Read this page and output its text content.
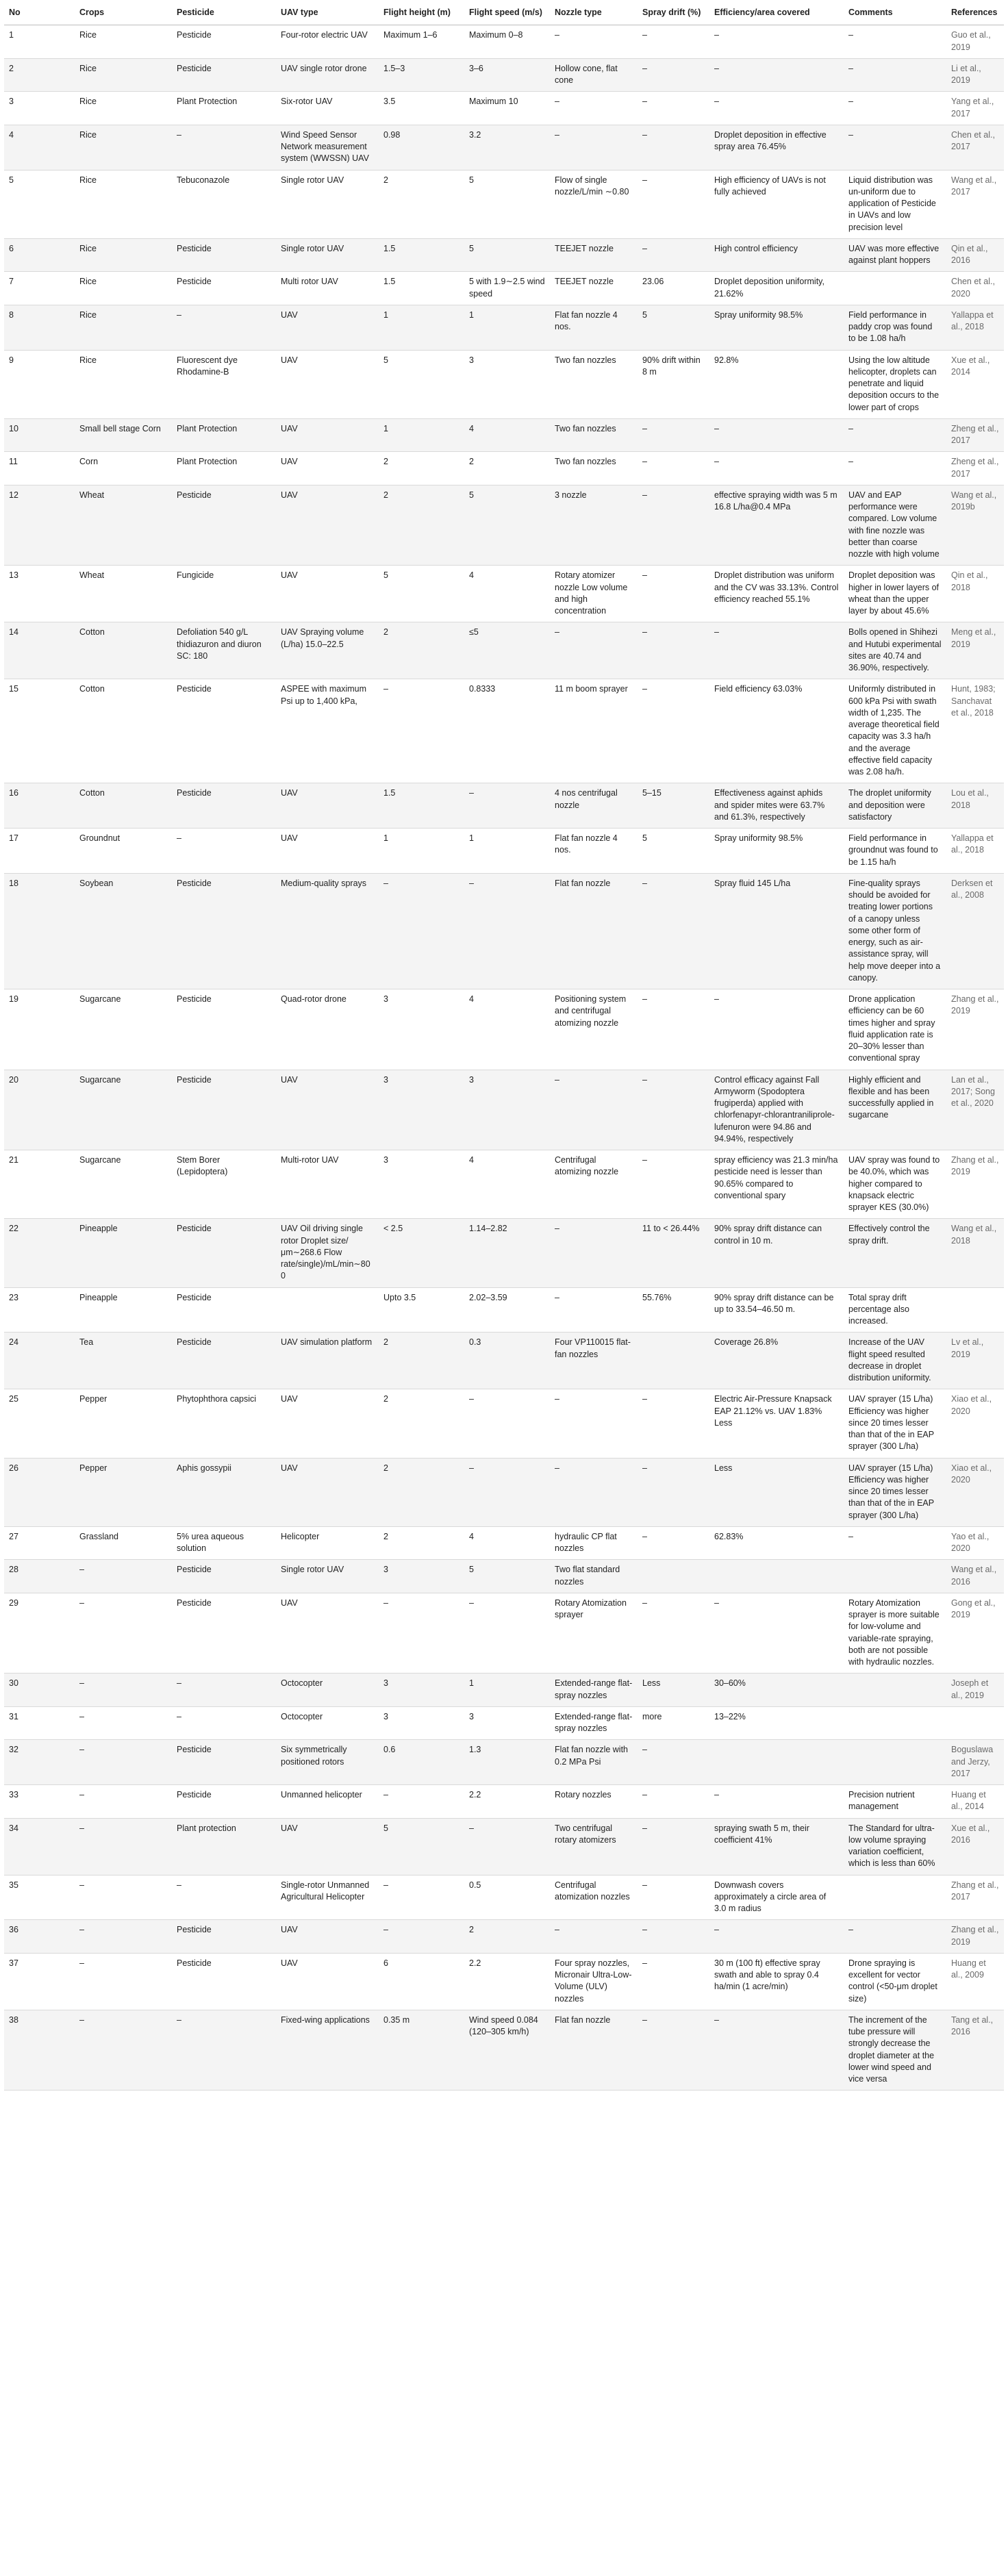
No	Crops	Pesticide	UAV type	Flight height (m)	Flight speed (m/s)	Nozzle type	Spray drift (%)	Efficiency/area covered	Comments	References
1	Rice	Pesticide	Four-rotor electric UAV	Maximum 1–6	Maximum 0–8	–	–	–	–	Guo et al., 2019
2	Rice	Pesticide	UAV single rotor drone	1.5–3	3–6	Hollow cone, flat cone	–	–	–	Li et al., 2019
3	Rice	Plant Protection	Six-rotor UAV	3.5	Maximum 10	–	–	–	–	Yang et al., 2017
4	Rice	–	Wind Speed Sensor Network measurement system (WWSSN) UAV	0.98	3.2	–	–	Droplet deposition in effective spray area 76.45%	–	Chen et al., 2017
5	Rice	Tebuconazole	Single rotor UAV	2	5	Flow of single nozzle/L/min ∼0.80	–	High efficiency of UAVs is not fully achieved	Liquid distribution was un-uniform due to application of Pesticide in UAVs and low precision level	Wang et al., 2017
6	Rice	Pesticide	Single rotor UAV	1.5	5	TEEJET nozzle	–	High control efficiency	UAV was more effective against plant hoppers	Qin et al., 2016
7	Rice	Pesticide	Multi rotor UAV	1.5	5 with 1.9∼2.5 wind speed	TEEJET nozzle	23.06	Droplet deposition uniformity, 21.62%		Chen et al., 2020
8	Rice	–	UAV	1	1	Flat fan nozzle 4 nos.	5	Spray uniformity 98.5%	Field performance in paddy crop was found to be 1.08 ha/h	Yallappa et al., 2018
9	Rice	Fluorescent dye Rhodamine-B	UAV	5	3	Two fan nozzles	90% drift within 8 m	92.8%	Using the low altitude helicopter, droplets can penetrate and liquid deposition occurs to the lower part of crops	Xue et al., 2014
10	Small bell stage Corn	Plant Protection	UAV	1	4	Two fan nozzles	–	–	–	Zheng et al., 2017
11	Corn	Plant Protection	UAV	2	2	Two fan nozzles	–	–	–	Zheng et al., 2017
12	Wheat	Pesticide	UAV	2	5	3 nozzle	–	effective spraying width was 5 m 16.8 L/ha@0.4 MPa	UAV and EAP performance were compared. Low volume with fine nozzle was better than coarse nozzle with high volume	Wang et al., 2019b
13	Wheat	Fungicide	UAV	5	4	Rotary atomizer nozzle Low volume and high concentration	–	Droplet distribution was uniform and the CV was 33.13%. Control efficiency reached 55.1%	Droplet deposition was higher in lower layers of wheat than the upper layer by about 45.6%	Qin et al., 2018
14	Cotton	Defoliation 540 g/L thidiazuron and diuron SC: 180	UAV Spraying volume (L/ha) 15.0–22.5	2	≤5	–	–	–	Bolls opened in Shihezi and Hutubi experimental sites are 40.74 and 36.90%, respectively.	Meng et al., 2019
15	Cotton	Pesticide	ASPEE with maximum Psi up to 1,400 kPa,	–	0.8333	11 m boom sprayer	–	Field efficiency 63.03%	Uniformly distributed in 600 kPa Psi with swath width of 1,235. The average theoretical field capacity was 3.3 ha/h and the average effective field capacity was 2.08 ha/h.	Hunt, 1983; Sanchavat et al., 2018
16	Cotton	Pesticide	UAV	1.5	–	4 nos centrifugal nozzle	5–15	Effectiveness against aphids and spider mites were 63.7% and 61.3%, respectively	The droplet uniformity and deposition were satisfactory	Lou et al., 2018
17	Groundnut	–	UAV	1	1	Flat fan nozzle 4 nos.	5	Spray uniformity 98.5%	Field performance in groundnut was found to be 1.15 ha/h	Yallappa et al., 2018
18	Soybean	Pesticide	Medium-quality sprays	–	–	Flat fan nozzle	–	Spray fluid 145 L/ha	Fine-quality sprays should be avoided for treating lower portions of a canopy unless some other form of energy, such as air-assistance spray, will help move deeper into a canopy.	Derksen et al., 2008
19	Sugarcane	Pesticide	Quad-rotor drone	3	4	Positioning system and centrifugal atomizing nozzle	–	–	Drone application efficiency can be 60 times higher and spray fluid application rate is 20–30% lesser than conventional spray	Zhang et al., 2019
20	Sugarcane	Pesticide	UAV	3	3	–	–	Control efficacy against Fall Armyworm (Spodoptera frugiperda) applied with chlorfenapyr-chlorantraniliprole-lufenuron were 94.86 and 94.94%, respectively	Highly efficient and flexible and has been successfully applied in sugarcane	Lan et al., 2017; Song et al., 2020
21	Sugarcane	Stem Borer (Lepidoptera)	Multi-rotor UAV	3	4	Centrifugal atomizing nozzle	–	spray efficiency was 21.3 min/ha pesticide need is lesser than 90.65% compared to conventional spary	UAV spray was found to be 40.0%, which was higher compared to knapsack electric sprayer KES (30.0%)	Zhang et al., 2019
22	Pineapple	Pesticide	UAV Oil driving single rotor Droplet size/μm∼268.6 Flow rate/single)/mL/min∼800	< 2.5	1.14–2.82	–	11 to < 26.44%	90% spray drift distance can control in 10 m.	Effectively control the spray drift.	Wang et al., 2018
23	Pineapple	Pesticide		Upto 3.5	2.02–3.59	–	55.76%	90% spray drift distance can be up to 33.54–46.50 m.	Total spray drift percentage also increased.	
24	Tea	Pesticide	UAV simulation platform	2	0.3	Four VP110015 flat-fan nozzles		Coverage 26.8%	Increase of the UAV flight speed resulted decrease in droplet distribution uniformity.	Lv et al., 2019
25	Pepper	Phytophthora capsici	UAV	2	–	–	–	Electric Air-Pressure Knapsack EAP 21.12% vs. UAV 1.83% Less	UAV sprayer (15 L/ha) Efficiency was higher since 20 times lesser than that of the in EAP sprayer (300 L/ha)	Xiao et al., 2020
26	Pepper	Aphis gossypii	UAV	2	–	–	–	Less	UAV sprayer (15 L/ha) Efficiency was higher since 20 times lesser than that of the in EAP sprayer (300 L/ha)	Xiao et al., 2020
27	Grassland	5% urea aqueous solution	Helicopter	2	4	hydraulic CP flat nozzles	–	62.83%	–	Yao et al., 2020
28	–	Pesticide	Single rotor UAV	3	5	Two flat standard nozzles				Wang et al., 2016
29	–	Pesticide	UAV	–	–	Rotary Atomization sprayer	–	–	Rotary Atomization sprayer is more suitable for low-volume and variable-rate spraying, both are not possible with hydraulic nozzles.	Gong et al., 2019
30	–	–	Octocopter	3	1	Extended-range flat-spray nozzles	Less	30–60%		Joseph et al., 2019
31	–	–	Octocopter	3	3	Extended-range flat-spray nozzles	more	13–22%		
32	–	Pesticide	Six symmetrically positioned rotors	0.6	1.3	Flat fan nozzle with 0.2 MPa Psi	–			Boguslawa and Jerzy, 2017
33	–	Pesticide	Unmanned helicopter	–	2.2	Rotary nozzles	–	–	Precision nutrient management	Huang et al., 2014
34	–	Plant protection	UAV	5	–	Two centrifugal rotary atomizers	–	spraying swath 5 m, their coefficient 41%	The Standard for ultra-low volume spraying variation coefficient, which is less than 60%	Xue et al., 2016
35	–	–	Single-rotor Unmanned Agricultural Helicopter	–	0.5	Centrifugal atomization nozzles	–	Downwash covers approximately a circle area of 3.0 m radius		Zhang et al., 2017
36	–	Pesticide	UAV	–	2	–	–	–	–	Zhang et al., 2019
37	–	Pesticide	UAV	6	2.2	Four spray nozzles, Micronair Ultra-Low-Volume (ULV) nozzles	–	30 m (100 ft) effective spray swath and able to spray 0.4 ha/min (1 acre/min)	Drone spraying is excellent for vector control (<50-μm droplet size)	Huang et al., 2009
38	–	–	Fixed-wing applications	0.35 m	Wind speed 0.084 (120–305 km/h)	Flat fan nozzle	–	–	The increment of the tube pressure will strongly decrease the droplet diameter at the lower wind speed and vice versa	Tang et al., 2016
